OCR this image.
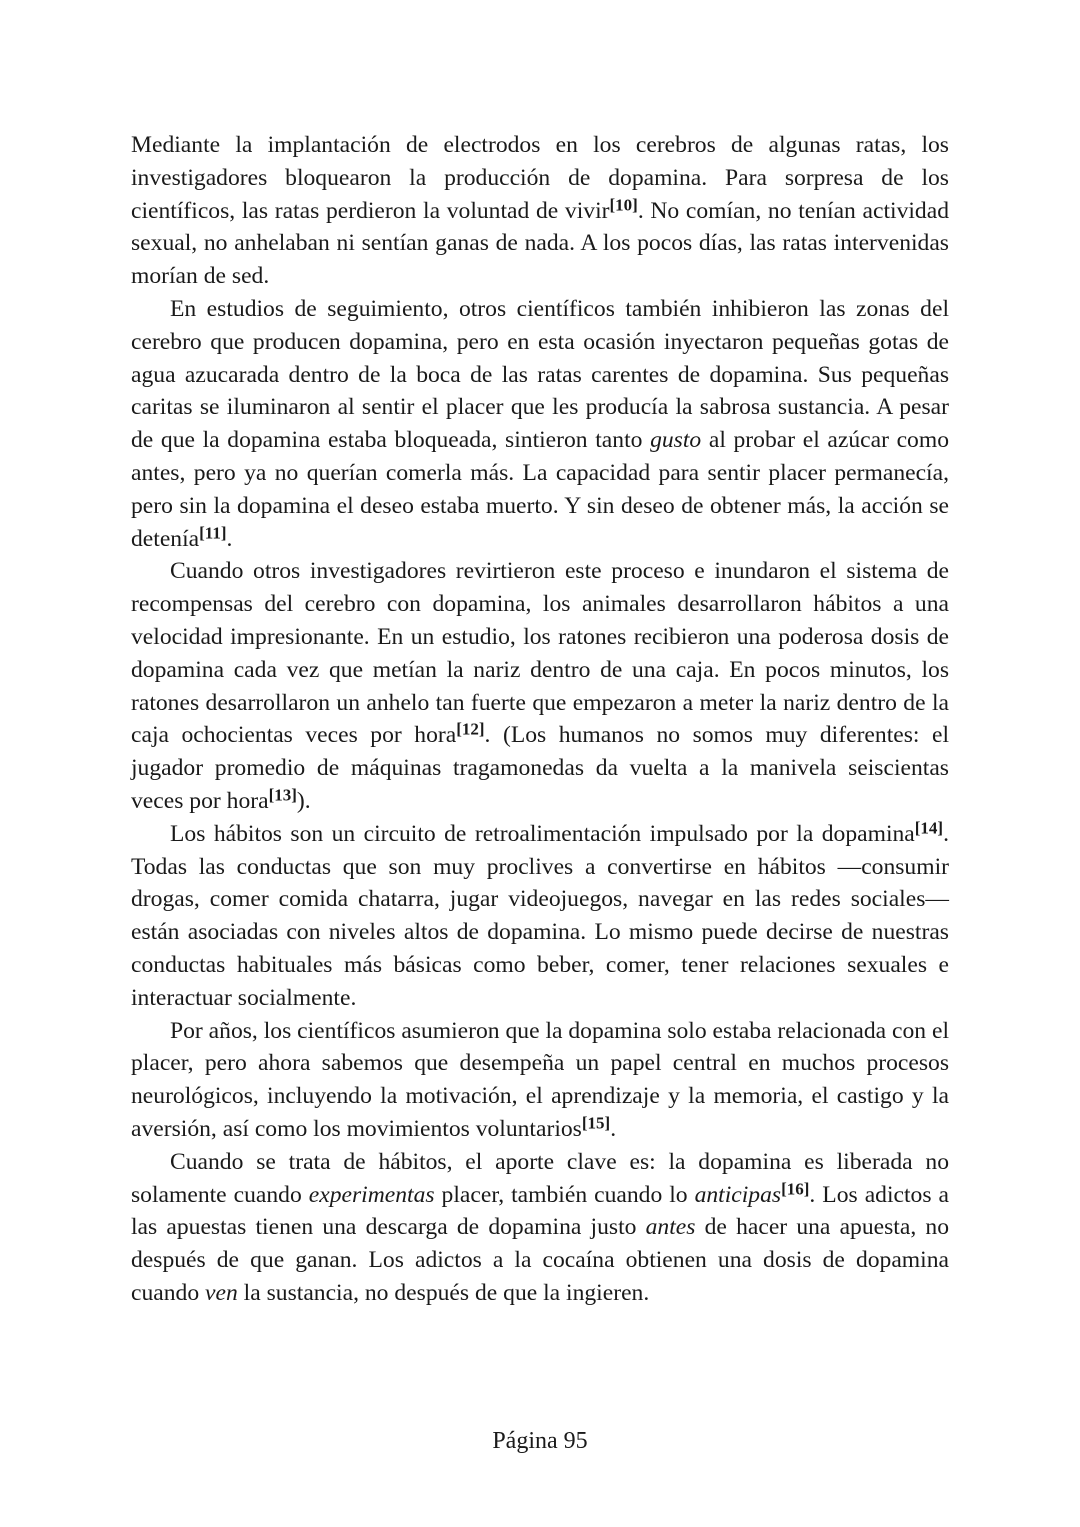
Mediante la implantación de electrodos en los cerebros de algunas ratas, los investigadores bloquearon la producción de dopamina. Para sorpresa de los científicos, las ratas perdieron la voluntad de vivir[10]. No comían, no tenían actividad sexual, no anhelaban ni sentían ganas de nada. A los pocos días, las ratas intervenidas morían de sed.

En estudios de seguimiento, otros científicos también inhibieron las zonas del cerebro que producen dopamina, pero en esta ocasión inyectaron pequeñas gotas de agua azucarada dentro de la boca de las ratas carentes de dopamina. Sus pequeñas caritas se iluminaron al sentir el placer que les producía la sabrosa sustancia. A pesar de que la dopamina estaba bloqueada, sintieron tanto gusto al probar el azúcar como antes, pero ya no querían comerla más. La capacidad para sentir placer permanecía, pero sin la dopamina el deseo estaba muerto. Y sin deseo de obtener más, la acción se detenía[11].

Cuando otros investigadores revirtieron este proceso e inundaron el sistema de recompensas del cerebro con dopamina, los animales desarrollaron hábitos a una velocidad impresionante. En un estudio, los ratones recibieron una poderosa dosis de dopamina cada vez que metían la nariz dentro de una caja. En pocos minutos, los ratones desarrollaron un anhelo tan fuerte que empezaron a meter la nariz dentro de la caja ochocientas veces por hora[12]. (Los humanos no somos muy diferentes: el jugador promedio de máquinas tragamonedas da vuelta a la manivela seiscientas veces por hora[13]).

Los hábitos son un circuito de retroalimentación impulsado por la dopamina[14]. Todas las conductas que son muy proclives a convertirse en hábitos —consumir drogas, comer comida chatarra, jugar videojuegos, navegar en las redes sociales— están asociadas con niveles altos de dopamina. Lo mismo puede decirse de nuestras conductas habituales más básicas como beber, comer, tener relaciones sexuales e interactuar socialmente.

Por años, los científicos asumieron que la dopamina solo estaba relacionada con el placer, pero ahora sabemos que desempeña un papel central en muchos procesos neurológicos, incluyendo la motivación, el aprendizaje y la memoria, el castigo y la aversión, así como los movimientos voluntarios[15].

Cuando se trata de hábitos, el aporte clave es: la dopamina es liberada no solamente cuando experimentas placer, también cuando lo anticipas[16]. Los adictos a las apuestas tienen una descarga de dopamina justo antes de hacer una apuesta, no después de que ganan. Los adictos a la cocaína obtienen una dosis de dopamina cuando ven la sustancia, no después de que la ingieren.

Página 95
